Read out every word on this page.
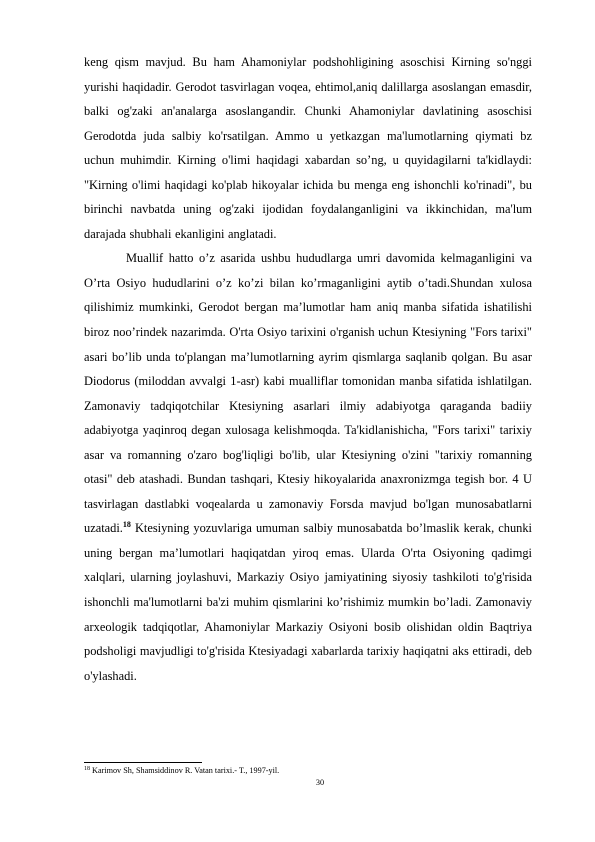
keng qism mavjud. Bu ham Ahamoniylar podshohligining asoschisi Kirning so'nggi yurishi haqidadir. Gerodot tasvirlagan voqea, ehtimol,aniq dalillarga asoslangan emasdir, balki og'zaki an'analarga asoslangandir. Chunki Ahamoniylar davlatining asoschisi Gerodotda juda salbiy ko'rsatilgan. Ammo u yetkazgan ma'lumotlarning qiymati bz uchun muhimdir. Kirning o'limi haqidagi xabardan so’ng, u quyidagilarni ta'kidlaydi: "Kirning o'limi haqidagi ko'plab hikoyalar ichida bu menga eng ishonchli ko'rinadi", bu birinchi navbatda uning og'zaki ijodidan foydalanganligini va ikkinchidan, ma'lum darajada shubhali ekanligini anglatadi.

Muallif hatto o’z asarida ushbu hududlarga umri davomida kelmaganligini va O’rta Osiyo hududlarini o’z ko’zi bilan ko’rmaganligini aytib o’tadi.Shundan xulosa qilishimiz mumkinki, Gerodot bergan ma’lumotlar ham aniq manba sifatida ishatilishi biroz noo’rindek nazarimda. O'rta Osiyo tarixini o'rganish uchun Ktesiyning "Fors tarixi" asari bo’lib unda to'plangan ma’lumotlarning ayrim qismlarga saqlanib qolgan. Bu asar Diodorus (miloddan avvalgi 1-asr) kabi mualliflar tomonidan manba sifatida ishlatilgan. Zamonaviy tadqiqotchilar Ktesiyning asarlari ilmiy adabiyotga qaraganda badiiy adabiyotga yaqinroq degan xulosaga kelishmoqda. Ta'kidlanishicha, "Fors tarixi" tarixiy asar va romanning o'zaro bog'liqligi bo'lib, ular Ktesiyning o'zini "tarixiy romanning otasi" deb atashadi. Bundan tashqari, Ktesiy hikoyalarida anaxronizmga tegish bor. 4 U tasvirlagan dastlabki voqealarda u zamonaviy Forsda mavjud bo'lgan munosabatlarni uzatadi.$^{18}$ Ktesiyning yozuvlariga umuman salbiy munosabatda bo’lmaslik kerak, chunki uning bergan ma’lumotlari haqiqatdan yiroq emas. Ularda O'rta Osiyoning qadimgi xalqlari, ularning joylashuvi, Markaziy Osiyo jamiyatining siyosiy tashkiloti to'g'risida ishonchli ma'lumotlarni ba'zi muhim qismlarini ko’rishimiz mumkin bo’ladi. Zamonaviy arxeologik tadqiqotlar, Ahamoniylar Markaziy Osiyoni bosib olishidan oldin Baqtriya podsholigi mavjudligi to'g'risida Ktesiyadagi xabarlarda tarixiy haqiqatni aks ettiradi, deb o'ylashadi.

$^{18}$ Karimov Sh, Shamsiddinov R. Vatan tarixi.- T., 1997-yil.
30
